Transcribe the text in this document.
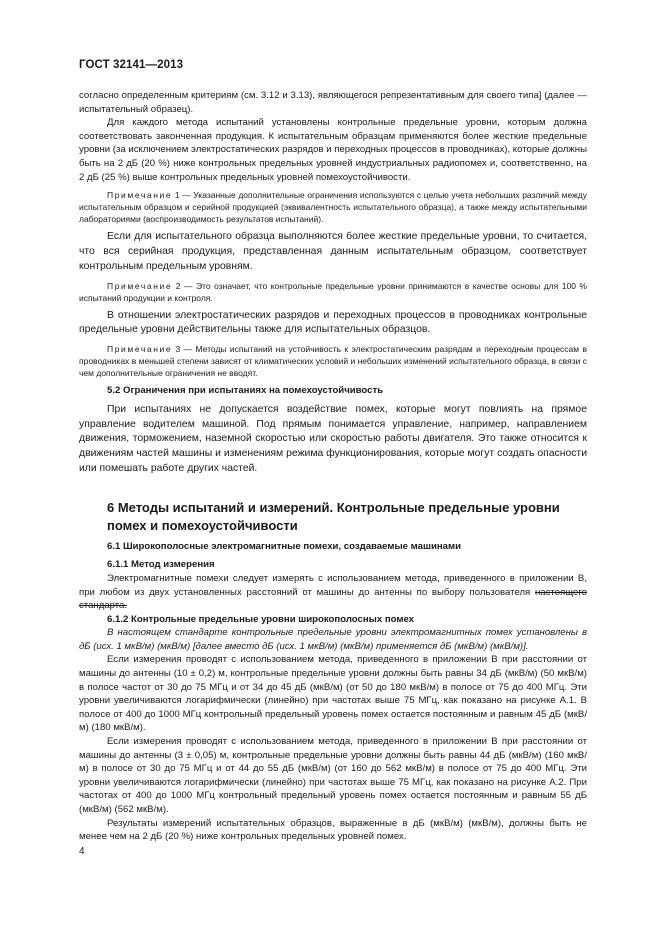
ГОСТ 32141—2013

согласно определенным критериям (см. 3.12 и 3.13), являющегося репрезентативным для своего типа] (далее — испытательный образец).

Для каждого метода испытаний установлены контрольные предельные уровни, которым должна соответствовать законченная продукция. К испытательным образцам применяются более жесткие предельные уровни (за исключением электростатических разрядов и переходных процессов в проводниках), которые должны быть на 2 дБ (20 %) ниже контрольных предельных уровней индустриальных радиопомех и, соответственно, на 2 дБ (25 %) выше контрольных предельных уровней помехоустойчивости.

Примечание 1 — Указанные дополнительные ограничения используются с целью учета небольших различий между испытательным образцом и серийной продукцией (эквивалентность испытательного образца), а также между испытательными лабораториями (воспроизводимость результатов испытаний).

Если для испытательного образца выполняются более жесткие предельные уровни, то считается, что вся серийная продукция, представленная данным испытательным образцом, соответствует контрольным предельным уровням.

Примечание 2 — Это означает, что контрольные предельные уровни принимаются в качестве основы для 100 % испытаний продукции и контроля.

В отношении электростатических разрядов и переходных процессов в проводниках контрольные предельные уровни действительны также для испытательных образцов.

Примечание 3 — Методы испытаний на устойчивость к электростатическим разрядам и переходным процессам в проводниках в меньшей степени зависят от климатических условий и небольших изменений испытательного образца, в связи с чем дополнительные ограничения не вводят.

5.2 Ограничения при испытаниях на помехоустойчивость

При испытаниях не допускается воздействие помех, которые могут повлиять на прямое управление водителем машиной. Под прямым понимается управление, например, направлением движения, торможением, наземной скоростью или скоростью работы двигателя. Это также относится к движениям частей машины и изменениям режима функционирования, которые могут создать опасности или помешать работе других частей.

6 Методы испытаний и измерений. Контрольные предельные уровни помех и помехоустойчивости

6.1 Широкополосные электромагнитные помехи, создаваемые машинами

6.1.1 Метод измерения

Электромагнитные помехи следует измерять с использованием метода, приведенного в приложении В, при любом из двух установленных расстояний от машины до антенны по выбору пользователя настоящего стандарта.

6.1.2 Контрольные предельные уровни широкополосных помех

В настоящем стандарте контрольные предельные уровни электромагнитных помех установлены в дБ (исх. 1 мкВ/м) (мкВ/м) [далее вместо дБ (исх. 1 мкВ/м) (мкВ/м) применяется дБ (мкВ/м) (мкВ/м)].

Если измерения проводят с использованием метода, приведенного в приложении В при расстоянии от машины до антенны (10 ± 0,2) м, контрольные предельные уровни должны быть равны 34 дБ (мкВ/м) (50 мкВ/м) в полосе частот от 30 до 75 МГц и от 34 до 45 дБ (мкВ/м) (от 50 до 180 мкВ/м) в полосе от 75 до 400 МГц. Эти уровни увеличиваются логарифмически (линейно) при частотах выше 75 МГц, как показано на рисунке А.1. В полосе от 400 до 1000 МГц контрольный предельный уровень помех остается постоянным и равным 45 дБ (мкВ/м) (180 мкВ/м).

Если измерения проводят с использованием метода, приведенного в приложении В при расстоянии от машины до антенны (3 ± 0,05) м, контрольные предельные уровни должны быть равны 44 дБ (мкВ/м) (160 мкВ/м) в полосе от 30 до 75 МГц и от 44 до 55 дБ (мкВ/м) (от 160 до 562 мкВ/м) в полосе от 75 до 400 МГц. Эти уровни увеличиваются логарифмически (линейно) при частотах выше 75 МГц, как показано на рисунке А.2. При частотах от 400 до 1000 МГц контрольный предельный уровень помех остается постоянным и равным 55 дБ (мкВ/м) (562 мкВ/м).

Результаты измерений испытательных образцов, выраженные в дБ (мкВ/м) (мкВ/м), должны быть не менее чем на 2 дБ (20 %) ниже контрольных предельных уровней помех.

4
